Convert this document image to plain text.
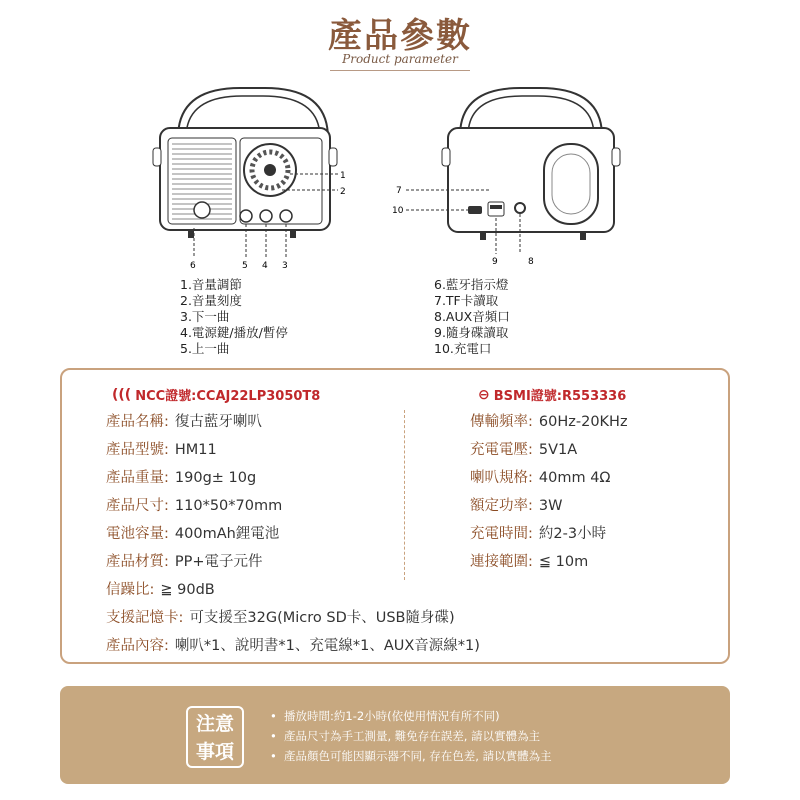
產品參數
Product parameter
1
2
3
4
5
6
7
8
9
10
1.音量調節
2.音量刻度
3.下一曲
4.電源鍵/播放/暫停
5.上一曲
6.藍牙指示燈
7.TF卡讀取
8.AUX音頻口
9.隨身碟讀取
10.充電口
((( NCC證號:CCAJ22LP3050T8	⊖ BSMI證號:R553336
產品名稱: 復古藍牙喇叭
產品型號: HM11
產品重量: 190g± 10g
產品尺寸: 110*50*70mm
電池容量: 400mAh鋰電池
產品材質: PP+電子元件
信躁比: ≧ 90dB
支援記憶卡: 可支援至32G(Micro SD卡、USB隨身碟)
產品內容: 喇叭*1、說明書*1、充電線*1、AUX音源線*1)
傳輸頻率: 60Hz-20KHz
充電電壓: 5V1A
喇叭規格: 40mm 4Ω
額定功率: 3W
充電時間: 約2-3小時
連接範圍: ≦ 10m
注意
事項
• 播放時間:約1-2小時(依使用情況有所不同)
• 產品尺寸為手工測量, 難免存在誤差, 請以實體為主
• 產品顏色可能因顯示器不同, 存在色差, 請以實體為主
